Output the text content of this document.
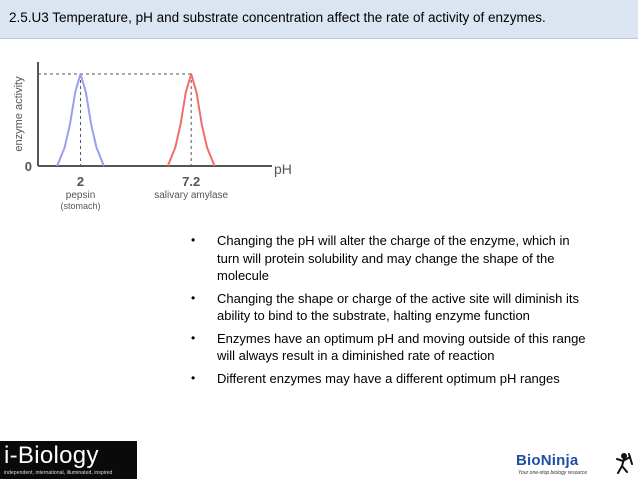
2.5.U3 Temperature, pH and substrate concentration affect the rate of activity of enzymes.
enzyme activity
0	pH
2
pepsin
(stomach)
7.2
salivary amylase
• Changing the pH will alter the charge of the enzyme, which in turn will protein solubility and may change the shape of the molecule
• Changing the shape or charge of the active site will diminish its ability to bind to the substrate, halting enzyme function
• Enzymes have an optimum pH and moving outside of this range will always result in a diminished rate of reaction
• Different enzymes may have a different optimum pH ranges
i-Biology
independent, international, illuminated, inspired
BioNinja
Your one-stop biology resource
